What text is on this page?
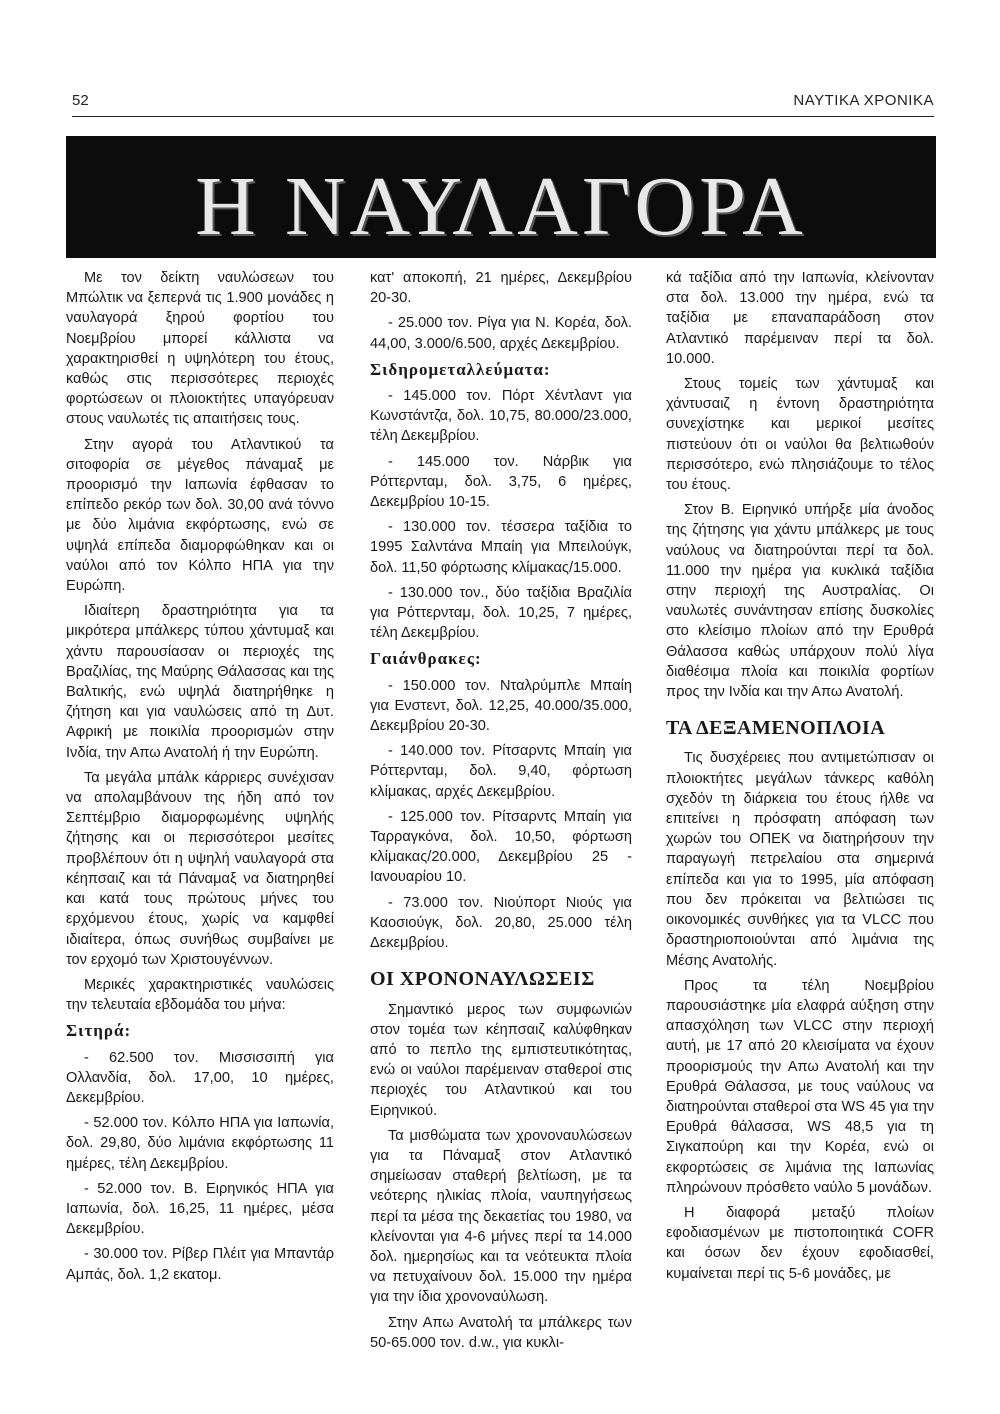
52	ΝΑΥΤΙΚΑ ΧΡΟΝΙΚΑ
Η ΝΑΥΛΑΓΟΡΑ

Με τον δείκτη ναυλώσεων του Μπώλτικ να ξεπερνά τις 1.900 μονάδες η ναυλαγορά ξηρού φορτίου του Νοεμβρίου μπορεί κάλλιστα να χαρακτηρισθεί η υψηλότερη του έτους, καθώς στις περισσότερες περιοχές φορτώσεων οι πλοιοκτήτες υπαγόρευαν στους ναυλωτές τις απαιτήσεις τους.

Στην αγορά του Ατλαντικού τα σιτοφορία σε μέγεθος πάναμαξ με προορισμό την Ιαπωνία έφθασαν το επίπεδο ρεκόρ των δολ. 30,00 ανά τόννο με δύο λιμάνια εκφόρτωσης, ενώ σε υψηλά επίπεδα διαμορφώθηκαν και οι ναύλοι από τον Κόλπο ΗΠΑ για την Ευρώπη.

Ιδιαίτερη δραστηριότητα για τα μικρότερα μπάλκερς τύπου χάντυμαξ και χάντυ παρουσίασαν οι περιοχές της Βραζιλίας, της Μαύρης Θάλασσας και της Βαλτικής, ενώ υψηλά διατηρήθηκε η ζήτηση και για ναυλώσεις από τη Δυτ. Αφρική με ποικιλία προορισμών στην Ινδία, την Απω Ανατολή ή την Ευρώπη.

Τα μεγάλα μπάλκ κάρριερς συνέχισαν να απολαμβάνουν της ήδη από τον Σεπτέμβριο διαμορφωμένης υψηλής ζήτησης και οι περισσότεροι μεσίτες προβλέπουν ότι η υψηλή ναυλαγορά στα κέηπσαιζ και τά Πάναμαξ να διατηρηθεί και κατά τους πρώτους μήνες του ερχόμενου έτους, χωρίς να καμφθεί ιδιαίτερα, όπως συνήθως συμβαίνει με τον ερχομό των Χριστουγέννων.

Μερικές χαρακτηριστικές ναυλώσεις την τελευταία εβδομάδα του μήνα:

Σιτηρά:

- 62.500 τον. Μισσισσιπή για Ολλανδία, δολ. 17,00, 10 ημέρες, Δεκεμβρίου.

- 52.000 τον. Κόλπο ΗΠΑ για Ιαπωνία, δολ. 29,80, δύο λιμάνια εκφόρτωσης 11 ημέρες, τέλη Δεκεμβρίου.

- 52.000 τον. Β. Ειρηνικός ΗΠΑ για Ιαπωνία, δολ. 16,25, 11 ημέρες, μέσα Δεκεμβρίου.

- 30.000 τον. Ρίβερ Πλέιτ για Μπαντάρ Αμπάς, δολ. 1,2 εκατομ.

κατ' αποκοπή, 21 ημέρες, Δεκεμβρίου 20-30.

- 25.000 τον. Ρίγα για Ν. Κορέα, δολ. 44,00, 3.000/6.500, αρχές Δεκεμβρίου.

Σιδηρομεταλλεύματα:

- 145.000 τον. Πόρτ Χέντλαντ για Κωνστάντζα, δολ. 10,75, 80.000/23.000, τέλη Δεκεμβρίου.

- 145.000 τον. Νάρβικ για Ρόττερνταμ, δολ. 3,75, 6 ημέρες, Δεκεμβρίου 10-15.

- 130.000 τον. τέσσερα ταξίδια το 1995 Σαλντάνα Μπαίη για Μπειλούγκ, δολ. 11,50 φόρτωσης κλίμακας/15.000.

- 130.000 τον., δύο ταξίδια Βραζιλία για Ρόττερνταμ, δολ. 10,25, 7 ημέρες, τέλη Δεκεμβρίου.

Γαιάνθρακες:

- 150.000 τον. Νταλρύμπλε Μπαίη για Ενστεντ, δολ. 12,25, 40.000/35.000, Δεκεμβρίου 20-30.

- 140.000 τον. Ρίτσαρντς Μπαίη για Ρόττερνταμ, δολ. 9,40, φόρτωση κλίμακας, αρχές Δεκεμβρίου.

- 125.000 τον. Ρίτσαρντς Μπαίη για Ταρραγκόνα, δολ. 10,50, φόρτωση κλίμακας/20.000, Δεκεμβρίου 25 - Ιανουαρίου 10.

- 73.000 τον. Νιούπορτ Νιούς για Καοσιούγκ, δολ. 20,80, 25.000 τέλη Δεκεμβρίου.

ΟΙ ΧΡΟΝΟΝΑΥΛΩΣΕΙΣ

Σημαντικό μερος των συμφωνιών στον τομέα των κέηπσαιζ καλύφθηκαν από το πεπλο της εμπιστευτικότητας, ενώ οι ναύλοι παρέμειναν σταθεροί στις περιοχές του Ατλαντικού και του Ειρηνικού.

Τα μισθώματα των χρονοναυλώσεων για τα Πάναμαξ στον Ατλαντικό σημείωσαν σταθερή βελτίωση, με τα νεότερης ηλικίας πλοία, ναυπηγήσεως περί τα μέσα της δεκαετίας του 1980, να κλείνονται για 4-6 μήνες περί τα 14.000 δολ. ημερησίως και τα νεότευκτα πλοία να πετυχαίνουν δολ. 15.000 την ημέρα για την ίδια χρονοναύλωση.

Στην Απω Ανατολή τα μπάλκερς των 50-65.000 τον. d.w., για κυκλι-

κά ταξίδια από την Ιαπωνία, κλείνονταν στα δολ. 13.000 την ημέρα, ενώ τα ταξίδια με επαναπαράδοση στον Ατλαντικό παρέμειναν περί τα δολ. 10.000.

Στους τομείς των χάντυμαξ και χάντυσαιζ η έντονη δραστηριότητα συνεχίστηκε και μερικοί μεσίτες πιστεύουν ότι οι ναύλοι θα βελτιωθούν περισσότερο, ενώ πλησιάζουμε το τέλος του έτους.

Στον Β. Ειρηνικό υπήρξε μία άνοδος της ζήτησης για χάντυ μπάλκερς με τους ναύλους να διατηρούνται περί τα δολ. 11.000 την ημέρα για κυκλικά ταξίδια στην περιοχή της Αυστραλίας. Οι ναυλωτές συνάντησαν επίσης δυσκολίες στο κλείσιμο πλοίων από την Ερυθρά Θάλασσα καθώς υπάρχουν πολύ λίγα διαθέσιμα πλοία και ποικιλία φορτίων προς την Ινδία και την Απω Ανατολή.

ΤΑ ΔΕΞΑΜΕΝΟΠΛΟΙΑ

Τις δυσχέρειες που αντιμετώπισαν οι πλοιοκτήτες μεγάλων τάνκερς καθόλη σχεδόν τη διάρκεια του έτους ήλθε να επιτείνει η πρόσφατη απόφαση των χωρών του ΟΠΕΚ να διατηρήσουν την παραγωγή πετρελαίου στα σημερινά επίπεδα και για το 1995, μία απόφαση που δεν πρόκειται να βελτιώσει τις οικονομικές συνθήκες για τα VLCC που δραστηριοποιούνται από λιμάνια της Μέσης Ανατολής.

Προς τα τέλη Νοεμβρίου παρουσιάστηκε μία ελαφρά αύξηση στην απασχόληση των VLCC στην περιοχή αυτή, με 17 από 20 κλεισίματα να έχουν προορισμούς την Απω Ανατολή και την Ερυθρά Θάλασσα, με τους ναύλους να διατηρούνται σταθεροί στα WS 45 για την Ερυθρά θάλασσα, WS 48,5 για τη Σιγκαπούρη και την Κορέα, ενώ οι εκφορτώσεις σε λιμάνια της Ιαπωνίας πληρώνουν πρόσθετο ναύλο 5 μονάδων.

Η διαφορά μεταξύ πλοίων εφοδιασμένων με πιστοποιητικά COFR και όσων δεν έχουν εφοδιασθεί, κυμαίνεται περί τις 5-6 μονάδες, με
